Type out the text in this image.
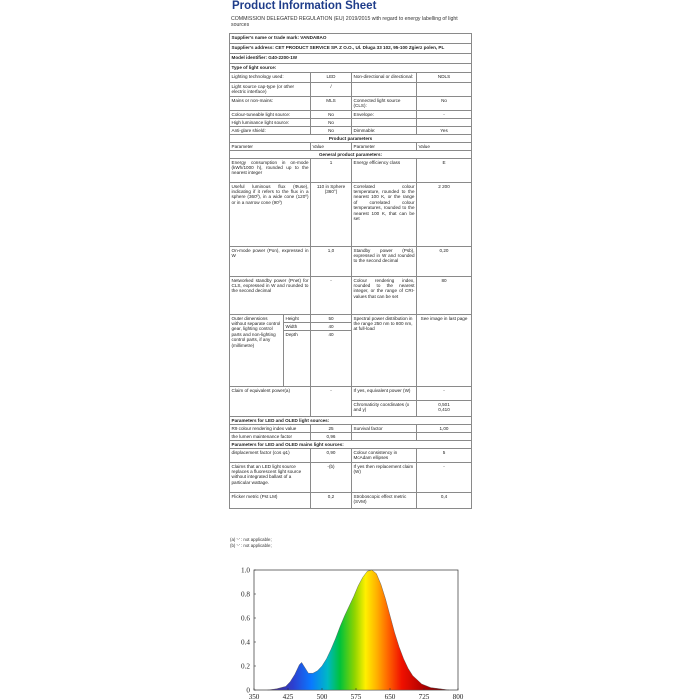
Product Information Sheet
COMMISSION DELEGATED REGULATION (EU) 2019/2015 with regard to energy labelling of light sources
Supplier's name or trade mark: VANDABAO				
Supplier's address: CET PRODUCT SERVICE SP. Z O.O., Ul. Dluga 33 102, 95-100 Zgierz polen, PL				
Model identifier: G40-2200-1W				
Type of light source:				
Lighting technology used:		LED	Non-directional or directional:	NDLS
Light source cap-type (or other electric interface)		/		
Mains or non-mains:		MLS	Connected light source (CLS):	No
Colour-tuneable light source:		No	Envelope:	-
High luminance light source:		No		
Anti-glare shield:		No	Dimmable:	Yes
Product parameters				
Parameter		Value	Parameter	Value
General product parameters:				
Energy consumption in on-mode (kWh/1000 h), rounded up to the nearest integer		1	Energy efficiency class	E
Useful luminous flux (Φuse), indicating if it refers to the flux in a sphere (360º), in a wide cone (120º) or in a narrow cone (90º)		110 in Sphere (360°)	Correlated colour temperature, rounded to the nearest 100 K, or the range of correlated colour temperatures, rounded to the nearest 100 K, that can be set	2 200
On-mode power (Pon), expressed in W		1,0	Standby power (Psb), expressed in W and rounded to the second decimal	0,20
Networked standby power (Pnet) for CLS, expressed in W and rounded to the second decimal		-	Colour rendering index, rounded to the nearest integer, or the range of CRI-values that can be set	80
Outer dimensions without separate control gear, lighting control parts and non-lighting control parts, if any (millimetre)	Height	50	Spectral power distribution in the range 250 nm to 800 nm, at full-load	See image in last page
	Width	40		
	Depth	40		
Claim of equivalent power(a)		-	If yes, equivalent power (W)	-
			Chromaticity coordinates (x and y)	0,501
0,410
Parameters for LED and OLED light sources:				
R9 colour rendering index value		25	Survival factor	1,00
the lumen maintenance factor		0,96		
Parameters for LED and OLED mains light sources:				
displacement factor (cos φ1)		0,90	Colour consistency in McAdam ellipses	5
Claims that an LED light source replaces a fluorescent light source without integrated ballast of a particular wattage.		-(b)	If yes then replacement claim (W)	-
Flicker metric (Pst LM)		0,2	Stroboscopic effect metric (SVM)	0,4
(a) '-' : not applicable;
(b) '-' : not applicable;
350	425	500	575	650	725	800
0
0.2
0.4
0.6
0.8
1.0
